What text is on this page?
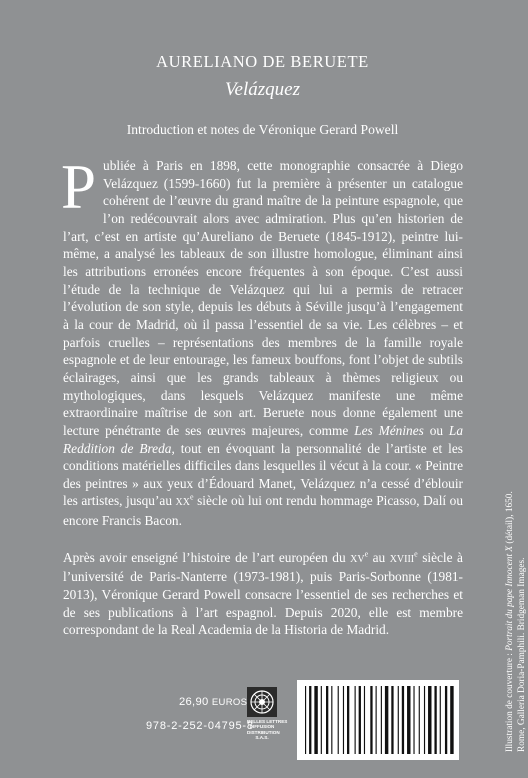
AURELIANO DE BERUETE
Velázquez
Introduction et notes de Véronique Gerard Powell

Publiée à Paris en 1898, cette monographie consacrée à Diego Velázquez (1599-1660) fut la première à présenter un catalogue cohérent de l’œuvre du grand maître de la peinture espagnole, que l’on redécouvrait alors avec admiration. Plus qu’en historien de l’art, c’est en artiste qu’Aureliano de Beruete (1845-1912), peintre lui-même, a analysé les tableaux de son illustre homologue, éliminant ainsi les attributions erronées encore fréquentes à son époque. C’est aussi l’étude de la technique de Velázquez qui lui a permis de retracer l’évolution de son style, depuis les débuts à Séville jusqu’à l’engagement à la cour de Madrid, où il passa l’essentiel de sa vie. Les célèbres – et parfois cruelles – représentations des membres de la famille royale espagnole et de leur entourage, les fameux bouffons, font l’objet de subtils éclairages, ainsi que les grands tableaux à thèmes religieux ou mythologiques, dans lesquels Velázquez manifeste une même extraordinaire maîtrise de son art. Beruete nous donne également une lecture pénétrante de ses œuvres majeures, comme Les Ménines ou La Reddition de Breda, tout en évoquant la personnalité de l’artiste et les conditions matérielles difficiles dans lesquelles il vécut à la cour. « Peintre des peintres » aux yeux d’Édouard Manet, Velázquez n’a cessé d’éblouir les artistes, jusqu’au XXe siècle où lui ont rendu hommage Picasso, Dalí ou encore Francis Bacon.

Après avoir enseigné l’histoire de l’art européen du XVe au XVIIIe siècle à l’université de Paris-Nanterre (1973-1981), puis Paris-Sorbonne (1981-2013), Véronique Gerard Powell consacre l’essentiel de ses recherches et de ses publications à l’art espagnol. Depuis 2020, elle est membre correspondant de la Real Academia de la Historia de Madrid.

26,90 EUROS
978-2-252-04795-8
BELLES LETTRES
DIFFUSION
DISTRIBUTION
S.A.S.	Illustration de couverture : Portrait du pape Innocent X (détail), 1650.
Rome, Galleria Doria-Pamphili. Bridgeman Images.
